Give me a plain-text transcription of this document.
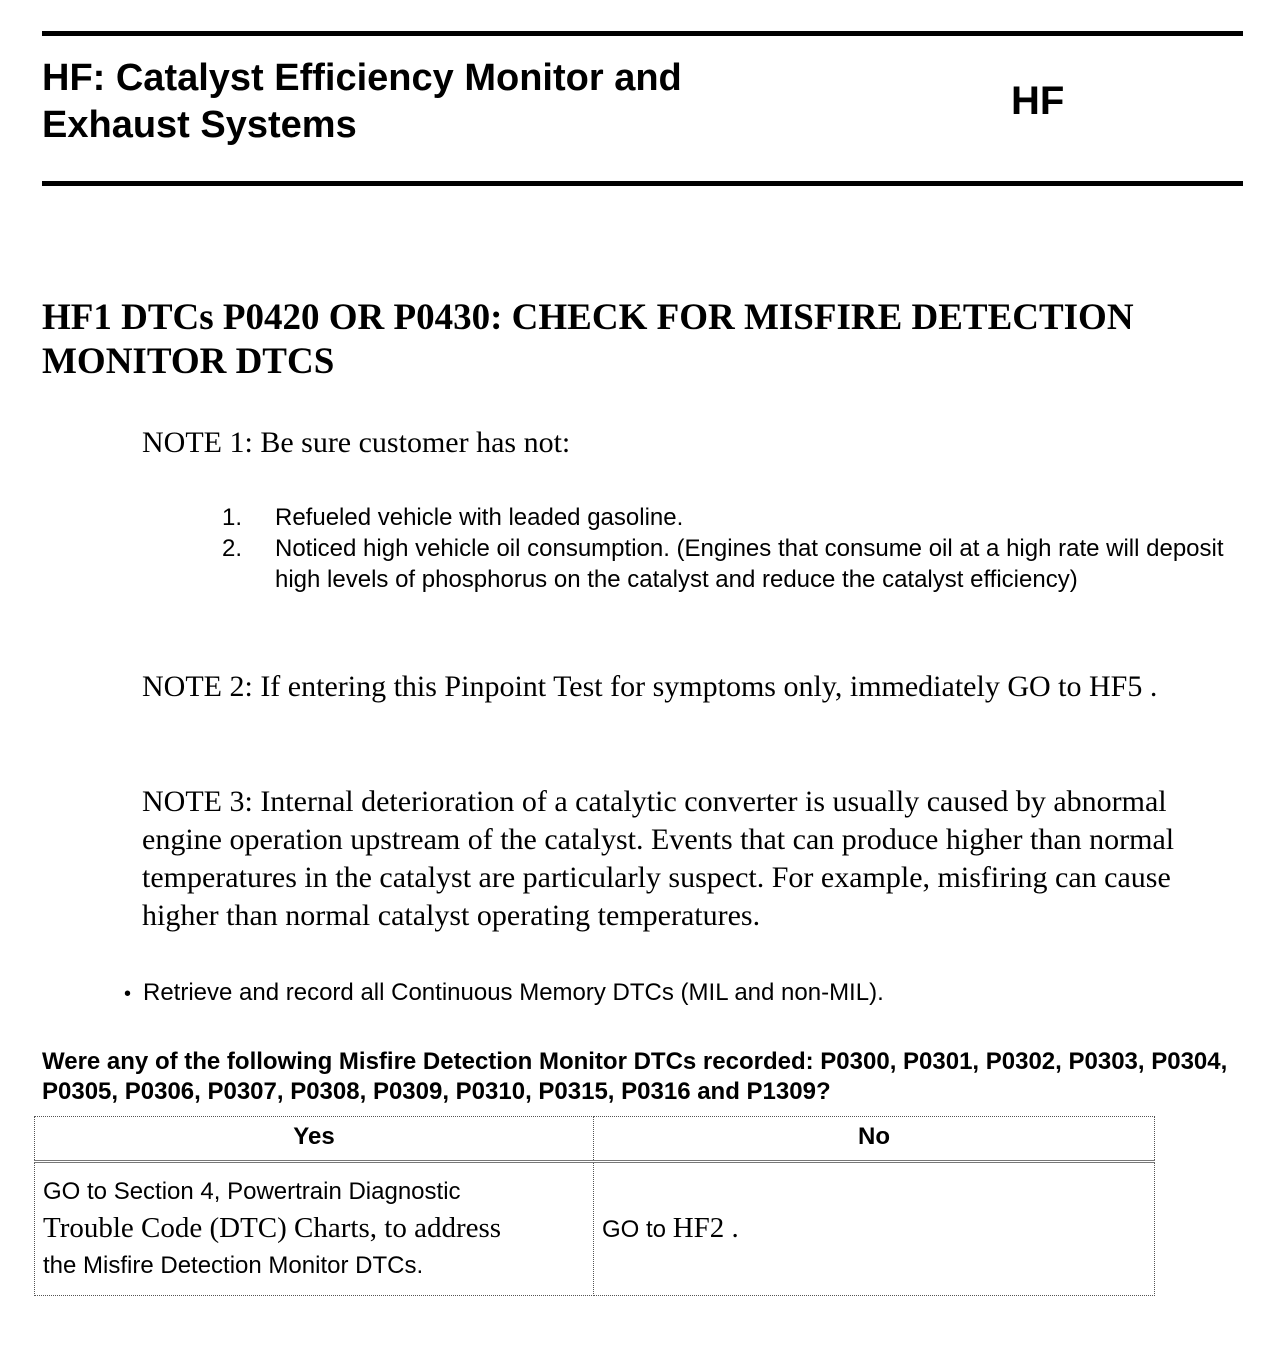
HF: Catalyst Efficiency Monitor and Exhaust Systems
HF
HF1 DTCs P0420 OR P0430: CHECK FOR MISFIRE DETECTION MONITOR DTCS

NOTE 1: Be sure customer has not:

1.	Refueled vehicle with leaded gasoline.
2.	Noticed high vehicle oil consumption. (Engines that consume oil at a high rate will deposit high levels of phosphorus on the catalyst and reduce the catalyst efficiency)

NOTE 2: If entering this Pinpoint Test for symptoms only, immediately GO to HF5 .

NOTE 3: Internal deterioration of a catalytic converter is usually caused by abnormal engine operation upstream of the catalyst. Events that can produce higher than normal temperatures in the catalyst are particularly suspect. For example, misfiring can cause higher than normal catalyst operating temperatures.

• Retrieve and record all Continuous Memory DTCs (MIL and non-MIL).

Were any of the following Misfire Detection Monitor DTCs recorded: P0300, P0301, P0302, P0303, P0304, P0305, P0306, P0307, P0308, P0309, P0310, P0315, P0316 and P1309?

Yes	No
GO to Section 4, Powertrain Diagnostic
Trouble Code (DTC) Charts, to address
the Misfire Detection Monitor DTCs.	GO to HF2 .
